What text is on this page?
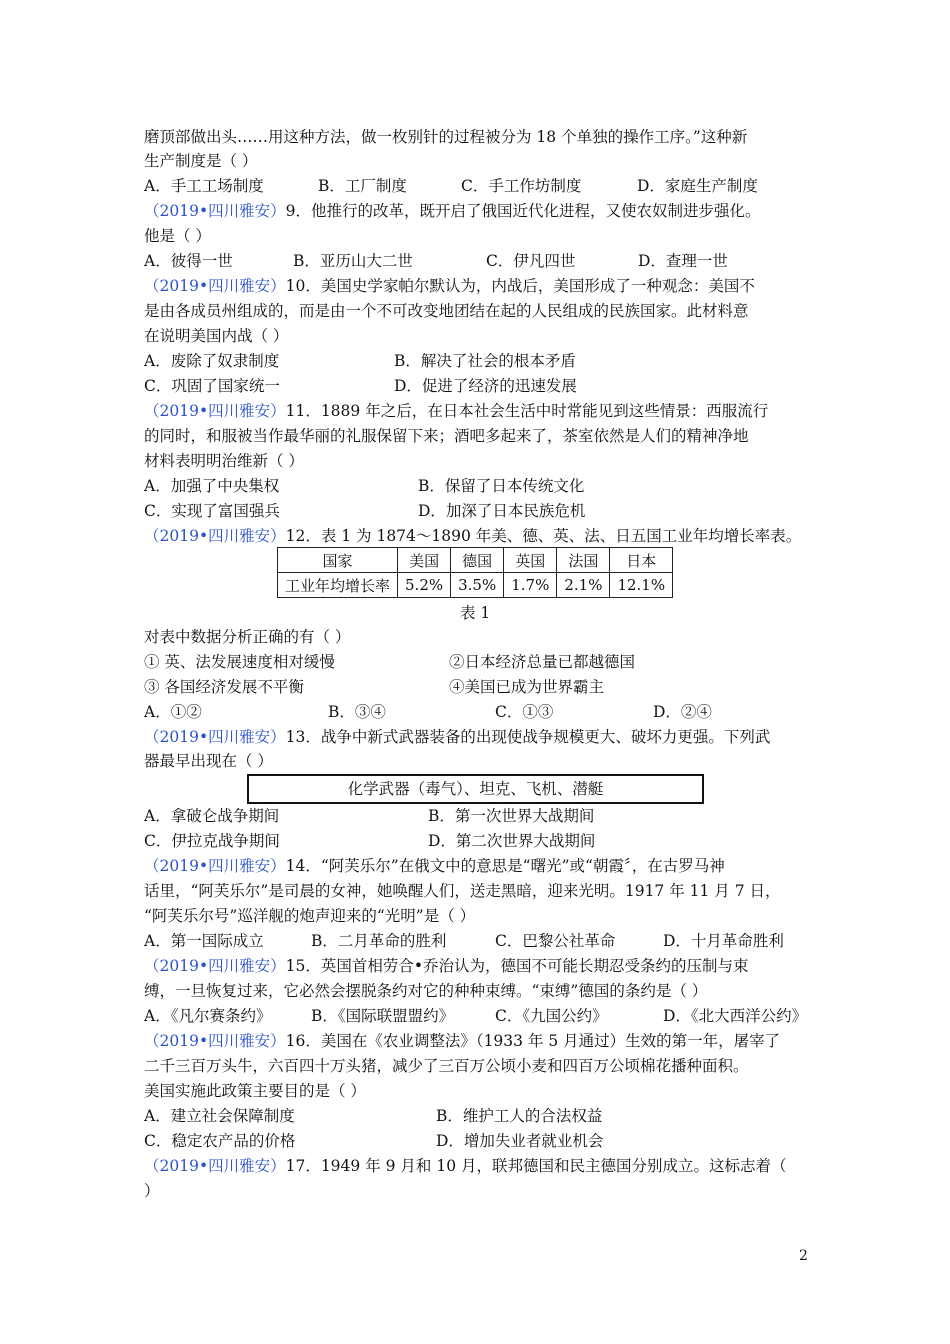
磨顶部做出头……用这种方法，做一枚别针的过程被分为 18 个单独的操作工序。”这种新
生产制度是（ ）
A．手工工场制度	B．工厂制度	C．手工作坊制度	D．家庭生产制度
（2019•四川雅安）9．他推行的改革，既开启了俄国近代化进程，又使农奴制进步强化。
他是（ ）
A．彼得一世	B．亚历山大二世	C．伊凡四世	D．查理一世
（2019•四川雅安）10．美国史学家帕尔默认为，内战后，美国形成了一种观念：美国不
是由各成员州组成的，而是由一个不可改变地团结在起的人民组成的民族国家。此材料意
在说明美国内战（ ）
A．废除了奴隶制度	B．解决了社会的根本矛盾
C．巩固了国家统一	D．促进了经济的迅速发展
（2019•四川雅安）11．1889 年之后，在日本社会生活中时常能见到这些情景：西服流行
的同时，和服被当作最华丽的礼服保留下来；酒吧多起来了，茶室依然是人们的精神净地
材料表明明治维新（ ）
A．加强了中央集权	B．保留了日本传统文化
C．实现了富国强兵	D．加深了日本民族危机
（2019•四川雅安）12．表 1 为 1874～1890 年美、德、英、法、日五国工业年均增长率表。
国家	美国	德国	英国	法国	日本
工业年均增长率	5.2%	3.5%	1.7%	2.1%	12.1%
表 1
对表中数据分析正确的有（ ）
① 英、法发展速度相对缓慢	②日本经济总量已都越德国
③ 各国经济发展不平衡	④美国已成为世界霸主
A．①②	B．③④	C．①③	D．②④
（2019•四川雅安）13．战争中新式武器装备的出现使战争规模更大、破坏力更强。下列武
器最早出现在（ ）
化学武器（毒气）、坦克、飞机、潜艇
A．拿破仑战争期间	B．第一次世界大战期间
C．伊拉克战争期间	D．第二次世界大战期间
（2019•四川雅安）14．“阿芙乐尔”在俄文中的意思是“曙光”或“朝霞〞，在古罗马神
话里，“阿芙乐尔”是司晨的女神，她唤醒人们，送走黑暗，迎来光明。1917 年 11 月 7 日，
“阿芙乐尔号”巡洋舰的炮声迎来的“光明”是（ ）
A．第一国际成立	B．二月革命的胜利	C．巴黎公社革命	D．十月革命胜利
（2019•四川雅安）15．英国首相劳合•乔治认为，德国不可能长期忍受条约的压制与束
缚，一旦恢复过来，它必然会摆脱条约对它的种种束缚。“束缚”德国的条约是（ ）
A．《凡尔赛条约》	B．《国际联盟盟约》	C．《九国公约》	D．《北大西洋公约》
（2019•四川雅安）16．美国在《农业调整法》（1933 年 5 月通过）生效的第一年，屠宰了
二千三百万头牛，六百四十万头猪，减少了三百万公顷小麦和四百万公顷棉花播种面积。
美国实施此政策主要目的是（ ）
A．建立社会保障制度	B．维护工人的合法权益
C．稳定农产品的价格	D．增加失业者就业机会
（2019•四川雅安）17．1949 年 9 月和 10 月，联邦德国和民主德国分别成立。这标志着（
）
2
